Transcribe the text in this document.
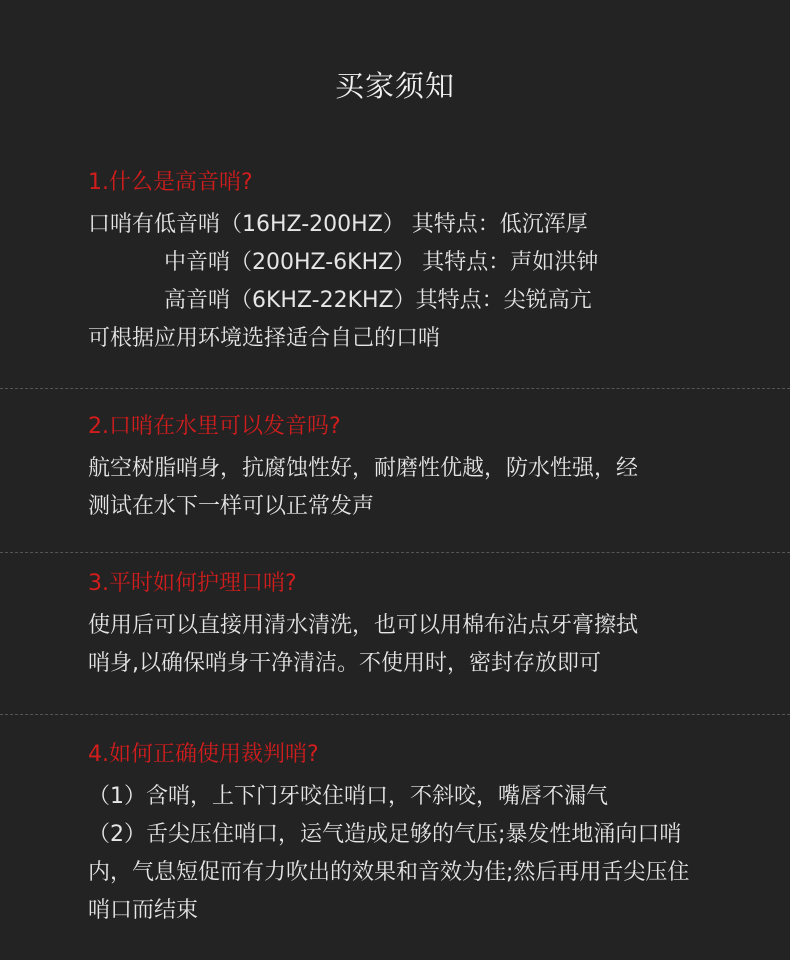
买家须知
1.什么是高音哨?
口哨有低音哨（16HZ-200HZ） 其特点：低沉浑厚
中音哨（200HZ-6KHZ） 其特点：声如洪钟
高音哨（6KHZ-22KHZ）其特点：尖锐高亢
可根据应用环境选择适合自己的口哨
2.口哨在水里可以发音吗?
航空树脂哨身，抗腐蚀性好，耐磨性优越，防水性强，经
测试在水下一样可以正常发声
3.平时如何护理口哨?
使用后可以直接用清水清洗，也可以用棉布沾点牙膏擦拭
哨身,以确保哨身干净清洁。不使用时，密封存放即可
4.如何正确使用裁判哨?
（1）含哨，上下门牙咬住哨口，不斜咬，嘴唇不漏气
（2）舌尖压住哨口，运气造成足够的气压;暴发性地涌向口哨
内，气息短促而有力吹出的效果和音效为佳;然后再用舌尖压住
哨口而结束
